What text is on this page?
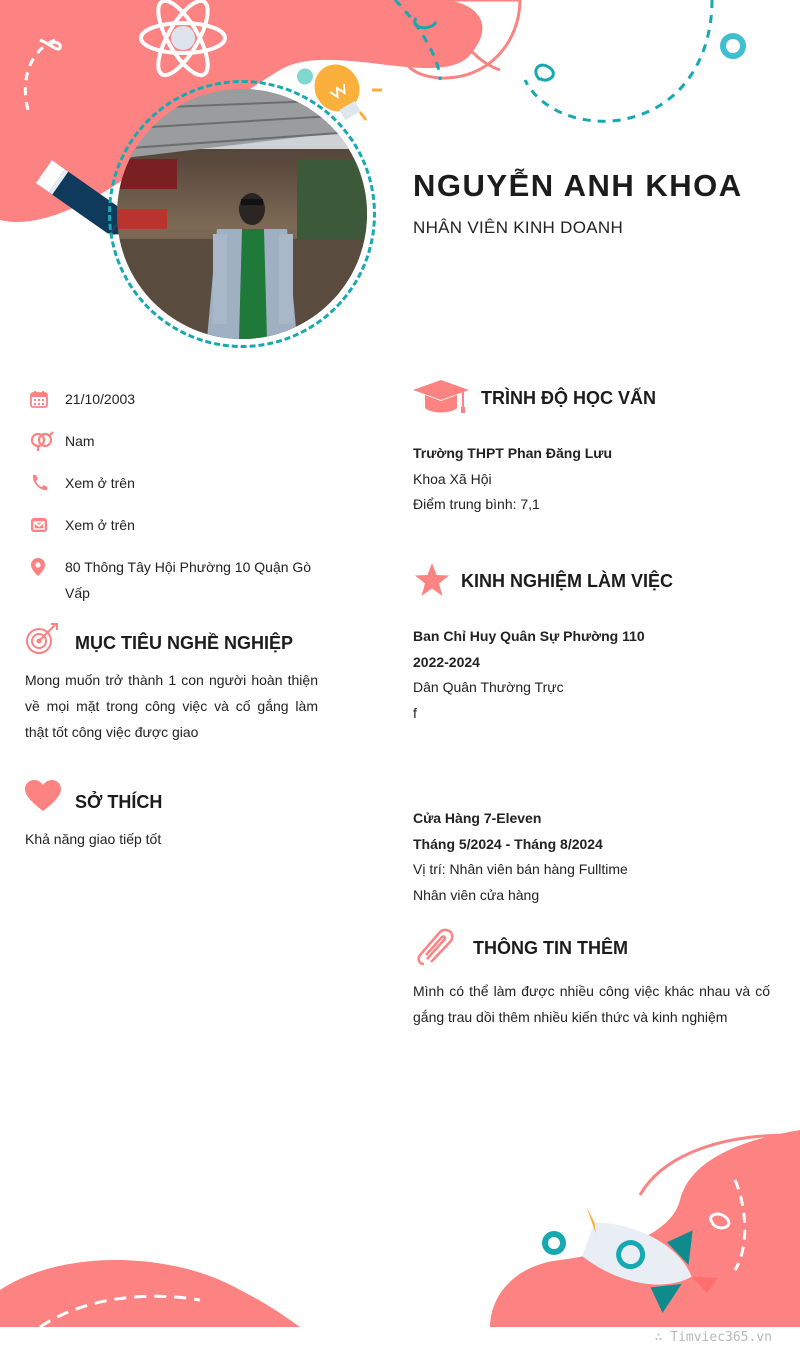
NGUYỄN ANH KHOA
NHÂN VIÊN KINH DOANH
21/10/2003
Nam
Xem ở trên
Xem ở trên
80 Thông Tây Hội Phường 10 Quận Gò Vấp
MỤC TIÊU NGHỀ NGHIỆP
Mong muốn trở thành 1 con người hoàn thiện về mọi mặt trong công việc và cố gắng làm thật tốt công việc được giao
SỞ THÍCH
Khả năng giao tiếp tốt
TRÌNH ĐỘ HỌC VẤN
Trường THPT Phan Đăng Lưu
Khoa Xã Hội
Điểm trung bình: 7,1
KINH NGHIỆM LÀM VIỆC
Ban Chỉ Huy Quân Sự Phường 110
2022-2024
Dân Quân Thường Trực
f
Cửa Hàng 7-Eleven
Tháng 5/2024 - Tháng 8/2024
Vị trí: Nhân viên bán hàng Fulltime
Nhân viên cửa hàng
THÔNG TIN THÊM
Mình có thể làm được nhiều công việc khác nhau và cố gắng trau dồi thêm nhiều kiến thức và kinh nghiệm
∴ Timviec365.vn
